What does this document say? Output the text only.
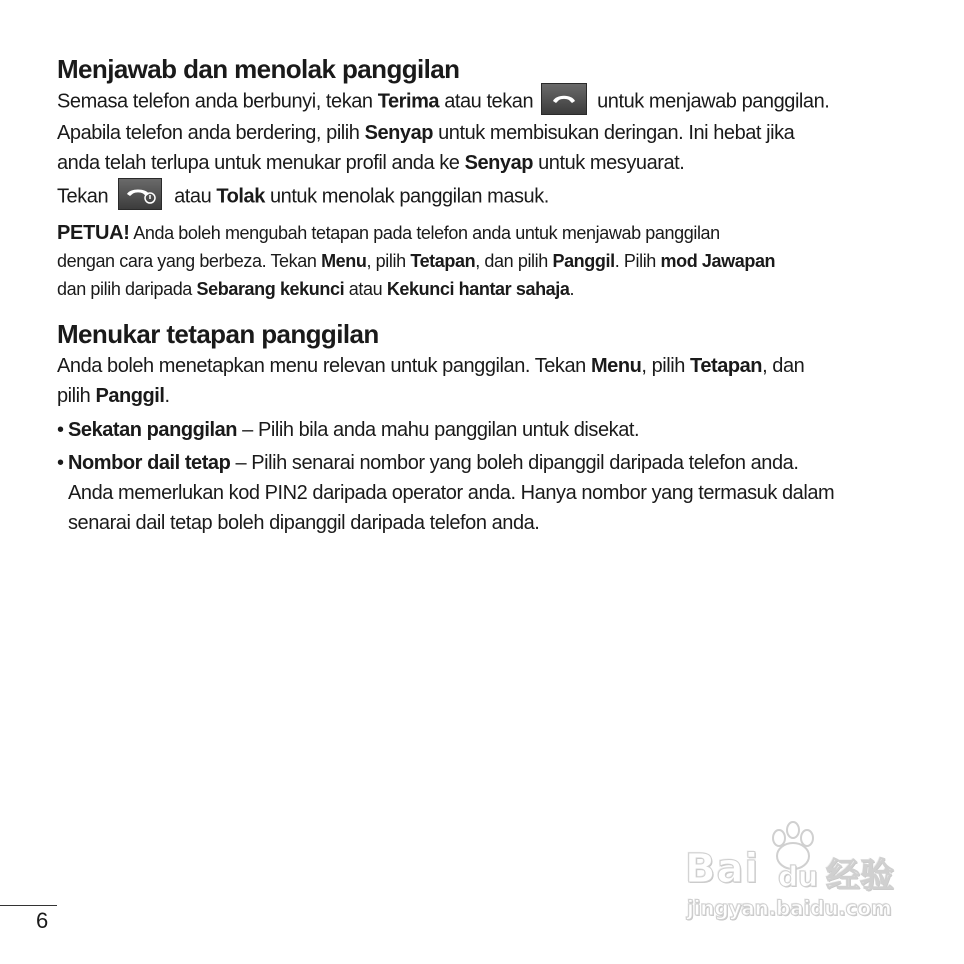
Menjawab dan menolak panggilan

Semasa telefon anda berbunyi, tekan Terima atau tekan	untuk menjawab panggilan.
Apabila telefon anda berdering, pilih Senyap untuk membisukan deringan. Ini hebat jika
anda telah terlupa untuk menukar profil anda ke Senyap untuk mesyuarat.

Tekan	atau Tolak untuk menolak panggilan masuk.

PETUA! Anda boleh mengubah tetapan pada telefon anda untuk menjawab panggilan
dengan cara yang berbeza. Tekan Menu, pilih Tetapan, dan pilih Panggil. Pilih mod Jawapan
dan pilih daripada Sebarang kekunci atau Kekunci hantar sahaja.

Menukar tetapan panggilan

Anda boleh menetapkan menu relevan untuk panggilan. Tekan Menu, pilih Tetapan, dan
pilih Panggil.

• Sekatan panggilan – Pilih bila anda mahu panggilan untuk disekat.
• Nombor dail tetap – Pilih senarai nombor yang boleh dipanggil daripada telefon anda.
Anda memerlukan kod PIN2 daripada operator anda. Hanya nombor yang termasuk dalam
senarai dail tetap boleh dipanggil daripada telefon anda.
6
Bai du 经验
jingyan.baidu.com
